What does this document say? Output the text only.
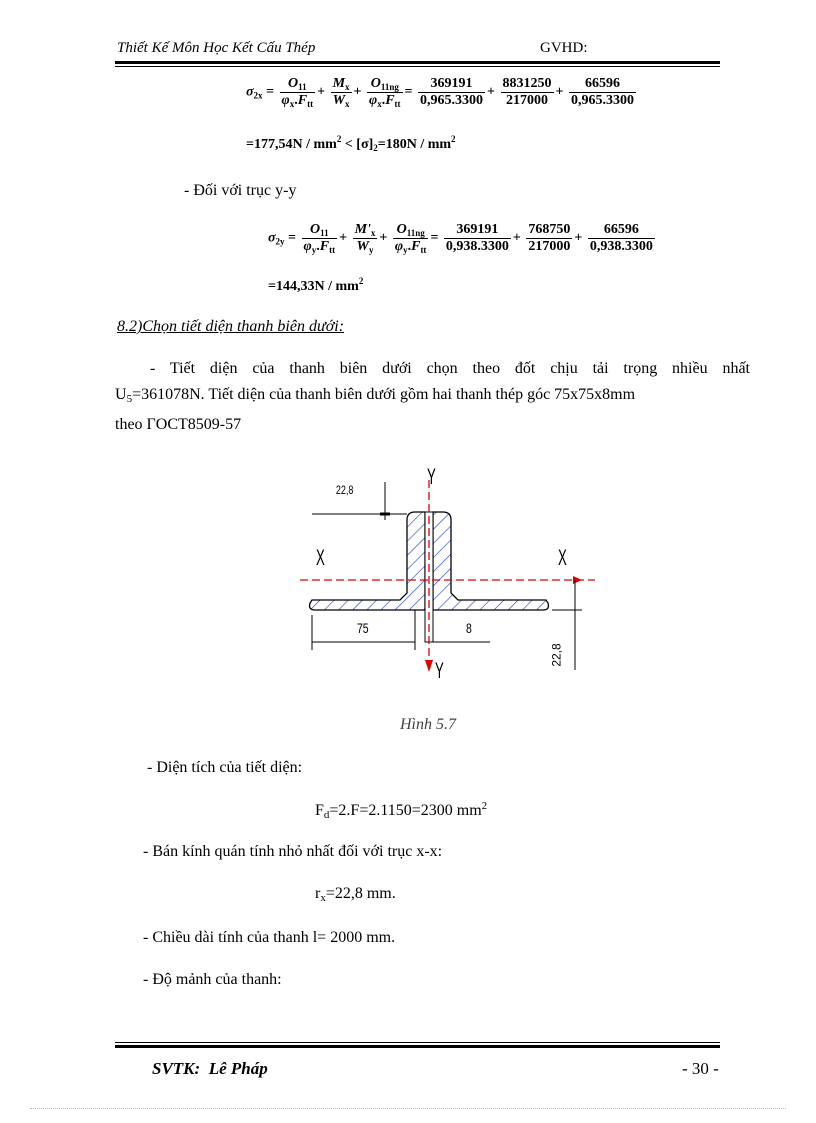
Thiết Kế Môn Học Kết Cấu Thép	GVHD:
$\sigma_{2x} = \frac{O_{11}}{\varphi_x.F_{tt}} + \frac{M_x}{W_x} + \frac{O_{11ng}}{\varphi_x.F_{tt}} = \frac{369191}{0,965.3300} + \frac{8831250}{217000} + \frac{66596}{0,965.3300}$
$=177,54N / mm^2 < [\sigma]_2=180N / mm^2$
- Đối với trục y-y
$\sigma_{2y} = \frac{O_{11}}{\varphi_y.F_{tt}} + \frac{M'_x}{W_y} + \frac{O_{11ng}}{\varphi_y.F_{tt}} = \frac{369191}{0,938.3300} + \frac{768750}{217000} + \frac{66596}{0,938.3300}$
$=144,33N / mm^2$
8.2)Chọn tiết diện thanh biên dưới:
- Tiết diện của thanh biên dưới chọn theo đốt chịu tải trọng nhiều nhất
$U_5=361078N$. Tiết diện của thanh biên dưới gồm hai thanh thép góc 75x75x8mm
theo ΓOCT8509-57
22,8
Y
X	X
75	8
Y
22,8
Hình 5.7
- Diện tích của tiết diện:
$F_d=2.F=2.1150=2300$ $mm^2$
- Bán kính quán tính nhỏ nhất đối với trục x-x:
$r_x=22,8$ mm.
- Chiều dài tính của thanh l= 2000 mm.
- Độ mảnh của thanh:
SVTK: Lê Pháp	- 30 -
